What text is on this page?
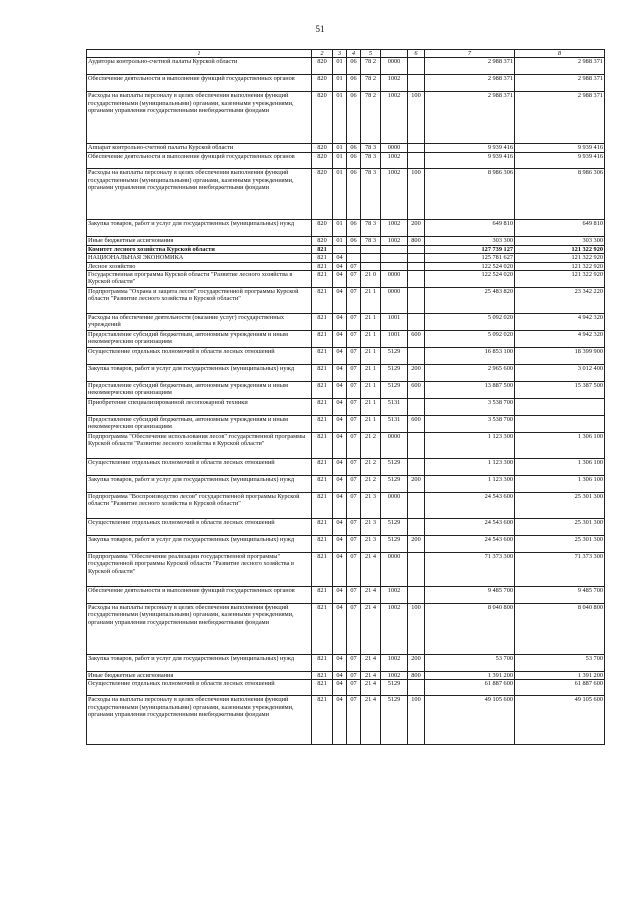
51
1	2	3	4	5		6	7	8
Аудиторы контрольно-счетной палаты Курской области	820	01	06	78 2	0000		2 988 371	2 988 371
Обеспечение деятельности и выполнение функций государственных органов	820	01	06	78 2	1002		2 988 371	2 988 371
Расходы на выплаты персоналу в целях обеспечения выполнения функций государственными (муниципальными) органами, казенными учреждениями, органами управления государственными внебюджетными фондами	820	01	06	78 2	1002	100	2 988 371	2 988 371
Аппарат контрольно-счетной палаты Курской области	820	01	06	78 3	0000		9 939 416	9 939 416
Обеспечение деятельности и выполнение функций государственных органов	820	01	06	78 3	1002		9 939 416	9 939 416
Расходы на выплаты персоналу в целях обеспечения выполнения функций государственными (муниципальными) органами, казенными учреждениями, органами управления государственными внебюджетными фондами	820	01	06	78 3	1002	100	8 986 306	8 986 306
Закупка товаров, работ и услуг для государственных (муниципальных) нужд	820	01	06	78 3	1002	200	649 810	649 810
Иные бюджетные ассигнования	820	01	06	78 3	1002	800	303 300	303 300
Комитет лесного хозяйства Курской области	821						127 739 127	121 322 920
НАЦИОНАЛЬНАЯ ЭКОНОМИКА	821	04					125 781 627	121 322 920
Лесное хозяйство	821	04	07				122 524 020	121 322 920
Государственная программа Курской области "Развитие лесного хозяйства в Курской области"	821	04	07	21 0	0000		122 524 020	121 322 920
Подпрограмма "Охрана и защита лесов" государственной программы Курской области "Развитие лесного хозяйства в Курской области"	821	04	07	21 1	0000		25 483 820	23 342 220
Расходы на обеспечение деятельности (оказание услуг) государственных учреждений	821	04	07	21 1	1001		5 092 020	4 942 320
Предоставление субсидий бюджетным, автономным учреждениям и иным некоммерческим организациям	821	04	07	21 1	1001	600	5 092 020	4 942 320
Осуществление отдельных полномочий в области лесных отношений	821	04	07	21 1	5129		16 853 100	18 399 900
Закупка товаров, работ и услуг для государственных (муниципальных) нужд	821	04	07	21 1	5129	200	2 965 600	3 012 400
Предоставление субсидий бюджетным, автономным учреждениям и иным некоммерческим организациям	821	04	07	21 1	5129	600	13 887 500	15 387 500
Приобретение специализированной лесопожарной техники	821	04	07	21 1	5131		3 538 700	
Предоставление субсидий бюджетным, автономным учреждениям и иным некоммерческим организациям	821	04	07	21 1	5131	600	3 538 700	
Подпрограмма "Обеспечение использования лесов" государственной программы Курской области "Развитие лесного хозяйства в Курской области"	821	04	07	21 2	0000		1 123 300	1 306 100
Осуществление отдельных полномочий в области лесных отношений	821	04	07	21 2	5129		1 123 300	1 306 100
Закупка товаров, работ и услуг для государственных (муниципальных) нужд	821	04	07	21 2	5129	200	1 123 300	1 306 100
Подпрограмма "Воспроизводство лесов" государственной программы Курской области "Развитие лесного хозяйства в Курской области"	821	04	07	21 3	0000		24 543 600	25 301 300
Осуществление отдельных полномочий в области лесных отношений	821	04	07	21 3	5129		24 543 600	25 301 300
Закупка товаров, работ и услуг для государственных (муниципальных) нужд	821	04	07	21 3	5129	200	24 543 600	25 301 300
Подпрограмма "Обеспечение реализации государственной программы" государственной программы Курской области "Развитие лесного хозяйства в Курской области"	821	04	07	21 4	0000		71 373 300	71 373 300
Обеспечение деятельности и выполнение функций государственных органов	821	04	07	21 4	1002		9 485 700	9 485 700
Расходы на выплаты персоналу в целях обеспечения выполнения функций государственными (муниципальными) органами, казенными учреждениями, органами управления государственными внебюджетными фондами	821	04	07	21 4	1002	100	8 040 800	8 040 800
Закупка товаров, работ и услуг для государственных (муниципальных) нужд	821	04	07	21 4	1002	200	53 700	53 700
Иные бюджетные ассигнования	821	04	07	21 4	1002	800	1 391 200	1 391 200
Осуществление отдельных полномочий в области лесных отношений	821	04	07	21 4	5129		61 887 600	61 887 600
Расходы на выплаты персоналу в целях обеспечения выполнения функций государственными (муниципальными) органами, казенными учреждениями, органами управления государственными внебюджетными фондами	821	04	07	21 4	5129	100	49 105 600	49 105 600
